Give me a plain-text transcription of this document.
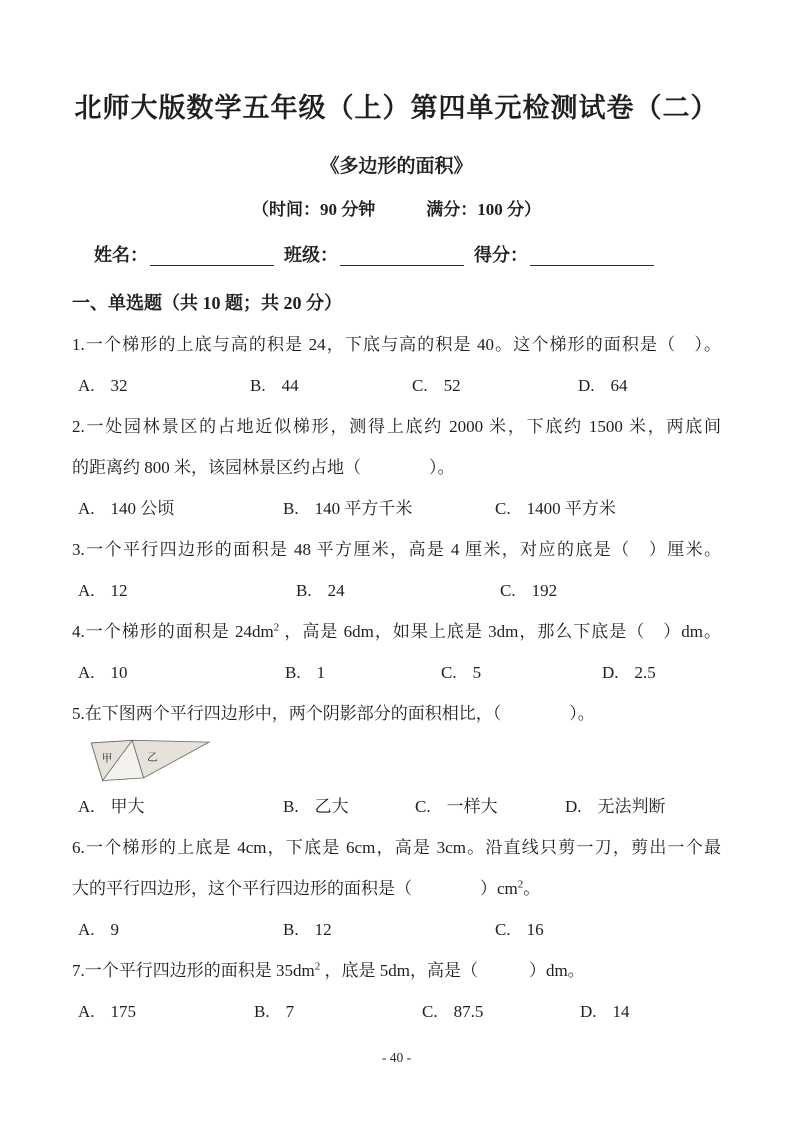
北师大版数学五年级（上）第四单元检测试卷（二）
《多边形的面积》
（时间：90 分钟　　　满分：100 分）
姓名：	班级：	得分：
一、单选题（共 10 题；共 20 分）

1.一个梯形的上底与高的积是 24，下底与高的积是 40。这个梯形的面积是（　）。

A. 32	B. 44	C. 52	D. 64

2.一处园林景区的占地近似梯形，测得上底约 2000 米，下底约 1500 米，两底间

的距离约 800 米，该园林景区约占地（　　　　）。

A. 140 公顷	B. 140 平方千米	C. 1400 平方米

3.一个平行四边形的面积是 48 平方厘米，高是 4 厘米，对应的底是（　）厘米。

A. 12	B. 24	C. 192

4.一个梯形的面积是 $24dm^2$ ，高是 6dm，如果上底是 3dm，那么下底是（　）dm。

A. 10	B. 1	C. 5	D. 2.5

5.在下图两个平行四边形中，两个阴影部分的面积相比，（　　　　）。

甲	乙
A. 甲大	B. 乙大	C. 一样大	D. 无法判断

6.一个梯形的上底是 4cm，下底是 6cm，高是 3cm。沿直线只剪一刀，剪出一个最

大的平行四边形，这个平行四边形的面积是（　　　　）$cm^2$。

A. 9	B. 12	C. 16

7.一个平行四边形的面积是 $35dm^2$ ，底是 5dm，高是（　　　）dm。

A. 175	B. 7	C. 87.5	D. 14
- 40 -
